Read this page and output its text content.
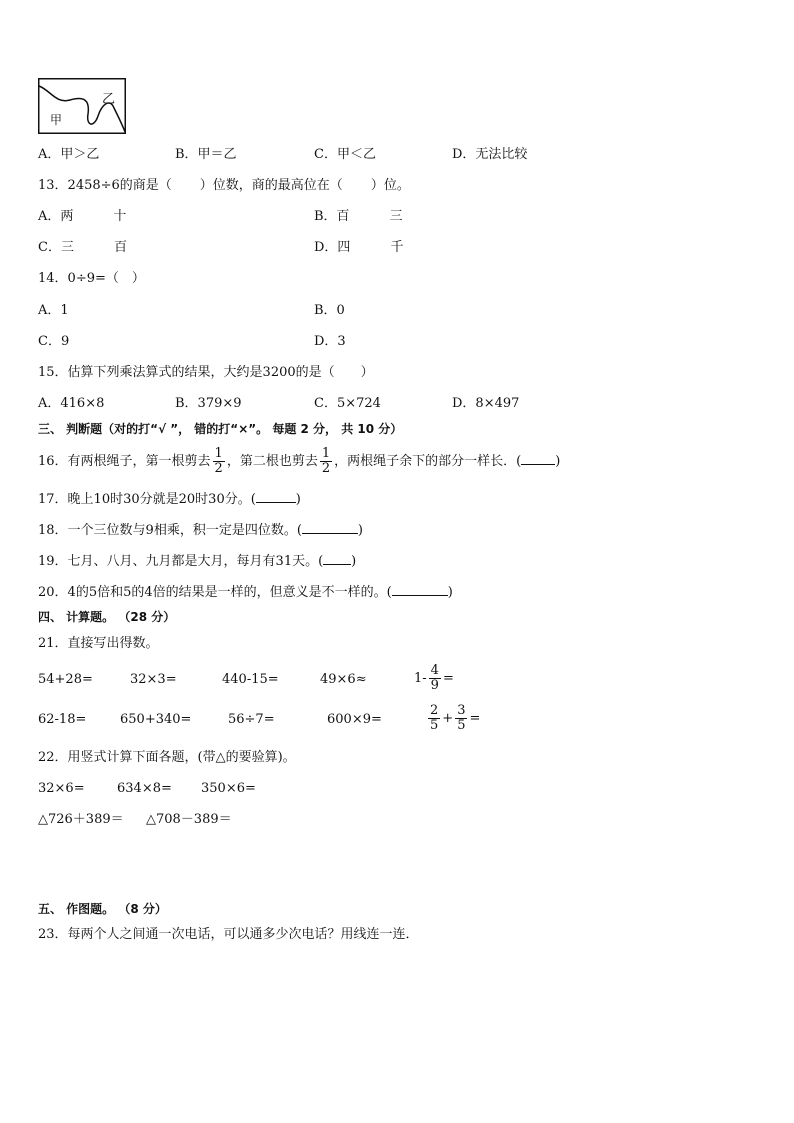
甲
乙
A．甲＞乙	B．甲＝乙	C．甲＜乙	D．无法比较
13．2458÷6的商是（ ）位数，商的最高位在（ ）位。
A．两	十	B．百	三
C．三	百	D．四	千
14．0÷9=（　）
A．1	B．0
C．9	D．3
15．估算下列乘法算式的结果，大约是3200的是（　　）
A．416×8	B．379×9	C．5×724	D．8×497
三、 判断题（对的打“√ ”， 错的打“×”。 每题 2 分， 共 10 分）
16．有两根绳子，第一根剪去 $\frac{1}{2}$ ，第二根也剪去 $\frac{1}{2}$ ，两根绳子余下的部分一样长．(	)
17．晚上10时30分就是20时30分。(	)
18．一个三位数与9相乘，积一定是四位数。(	)
19．七月、八月、九月都是大月，每月有31天。( )
20．4的5倍和5的4倍的结果是一样的，但意义是不一样的。(	)
四、 计算题。 （28 分）
21．直接写出得数。
54+28=	32×3=	440-15=	49×6≈	$1- \frac{4}{9}$ =
62-18=	650+340=	56÷7=	600×9=	$\frac{2}{5} + \frac{3}{5}$ =
22．用竖式计算下面各题，(带△的要验算)。
32×6= 634×8= 350×6=
△726＋389＝ △708－389＝
五、 作图题。 （8 分）
23．每两个人之间通一次电话，可以通多少次电话？用线连一连．
